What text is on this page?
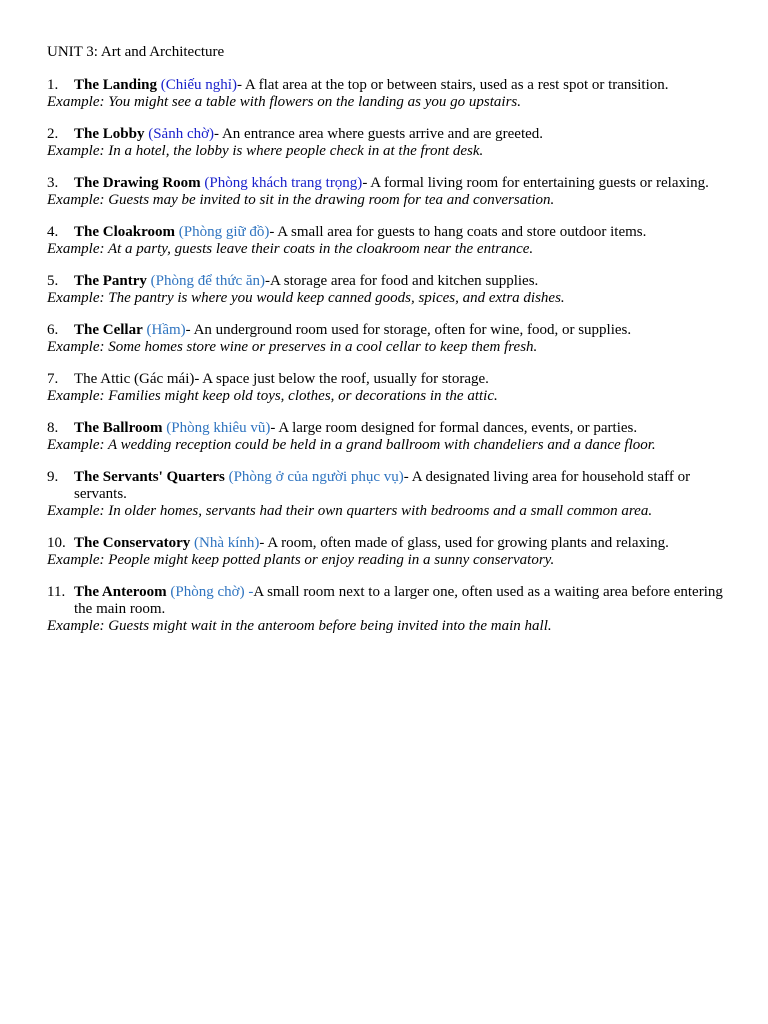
UNIT 3: Art and Architecture
1.	The Landing (Chiếu nghỉ)- A flat area at the top or between stairs, used as a rest spot or transition.
Example: You might see a table with flowers on the landing as you go upstairs.
2.	The Lobby (Sảnh chờ)- An entrance area where guests arrive and are greeted.
Example: In a hotel, the lobby is where people check in at the front desk.
3.	The Drawing Room (Phòng khách trang trọng)- A formal living room for entertaining guests or relaxing.
Example: Guests may be invited to sit in the drawing room for tea and conversation.
4.	The Cloakroom (Phòng giữ đồ)- A small area for guests to hang coats and store outdoor items.
Example: At a party, guests leave their coats in the cloakroom near the entrance.
5.	The Pantry (Phòng để thức ăn)-A storage area for food and kitchen supplies.
Example: The pantry is where you would keep canned goods, spices, and extra dishes.
6.	The Cellar (Hầm)- An underground room used for storage, often for wine, food, or supplies.
Example: Some homes store wine or preserves in a cool cellar to keep them fresh.
7.	The Attic (Gác mái)- A space just below the roof, usually for storage.
Example: Families might keep old toys, clothes, or decorations in the attic.
8.	The Ballroom (Phòng khiêu vũ)- A large room designed for formal dances, events, or parties.
Example: A wedding reception could be held in a grand ballroom with chandeliers and a dance floor.
9.	The Servants' Quarters (Phòng ở của người phục vụ)- A designated living area for household staff or servants.
Example: In older homes, servants had their own quarters with bedrooms and a small common area.
10. The Conservatory (Nhà kính)- A room, often made of glass, used for growing plants and relaxing.
Example: People might keep potted plants or enjoy reading in a sunny conservatory.
11. The Anteroom (Phòng chờ) -A small room next to a larger one, often used as a waiting area before entering the main room.
Example: Guests might wait in the anteroom before being invited into the main hall.
